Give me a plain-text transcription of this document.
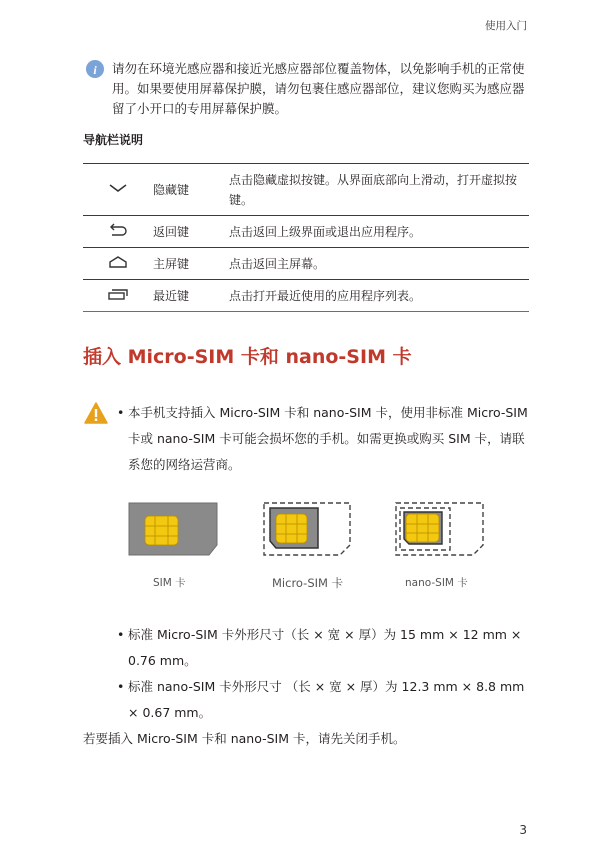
使用入门
i 请勿在环境光感应器和接近光感应器部位覆盖物体，以免影响手机的正常使用。如果要使用屏幕保护膜，请勿包裹住感应器部位，建议您购买为感应器留了小开口的专用屏幕保护膜。
导航栏说明
	隐藏键	点击隐藏虚拟按键。从界面底部向上滑动，打开虚拟按键。
	返回键	点击返回上级界面或退出应用程序。
	主屏键	点击返回主屏幕。
	最近键	点击打开最近使用的应用程序列表。
插入 Micro-SIM 卡和 nano-SIM 卡
• 本手机支持插入 Micro-SIM 卡和 nano-SIM 卡，使用非标准 Micro-SIM 卡或 nano-SIM 卡可能会损坏您的手机。如需更换或购买 SIM 卡，请联系您的网络运营商。
SIM 卡	Micro-SIM 卡	nano-SIM 卡
• 标准 Micro-SIM 卡外形尺寸（长 × 宽 × 厚）为 15 mm × 12 mm × 0.76 mm。
• 标准 nano-SIM 卡外形尺寸 （长 × 宽 × 厚）为 12.3 mm × 8.8 mm × 0.67 mm。
若要插入 Micro-SIM 卡和 nano-SIM 卡，请先关闭手机。
3
